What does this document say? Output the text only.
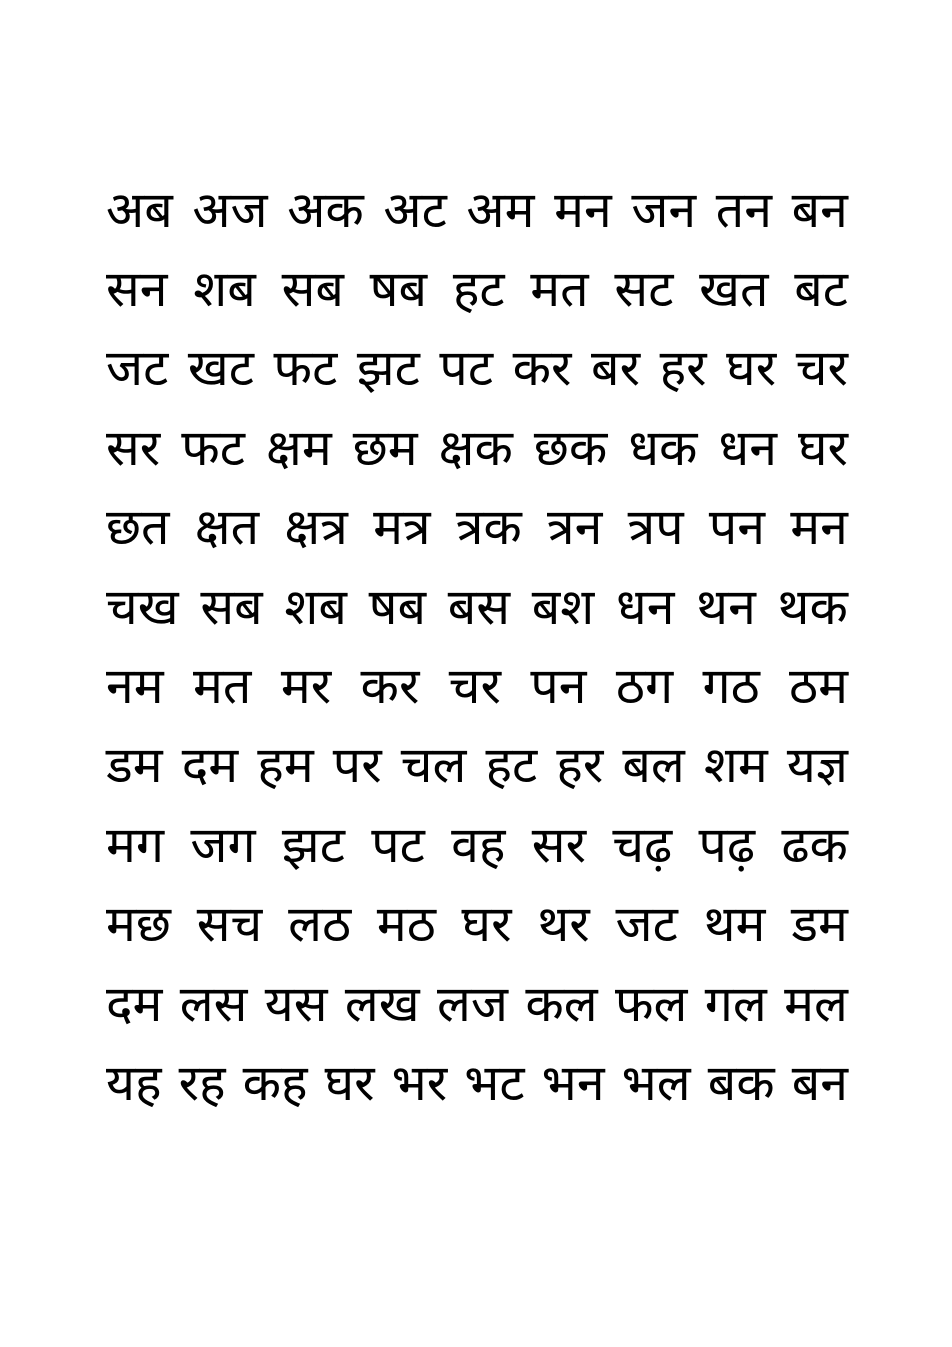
अब अज अक अट अम मन जन तन बन
सन शब सब षब हट मत सट खत बट
जट खट फट झट पट कर बर हर घर चर
सर फट क्षम छम क्षक छक धक धन घर
छत क्षत क्षत्र मत्र त्रक त्रन त्रप पन मन
चख सब शब षब बस बश धन थन थक
नम मत मर कर चर पन ठग गठ ठम
डम दम हम पर चल हट हर बल शम यज्ञ
मग जग झट पट वह सर चढ़ पढ़ ढक
मछ सच लठ मठ घर थर जट थम डम
दम लस यस लख लज कल फल गल मल
यह रह कह घर भर भट भन भल बक बन
